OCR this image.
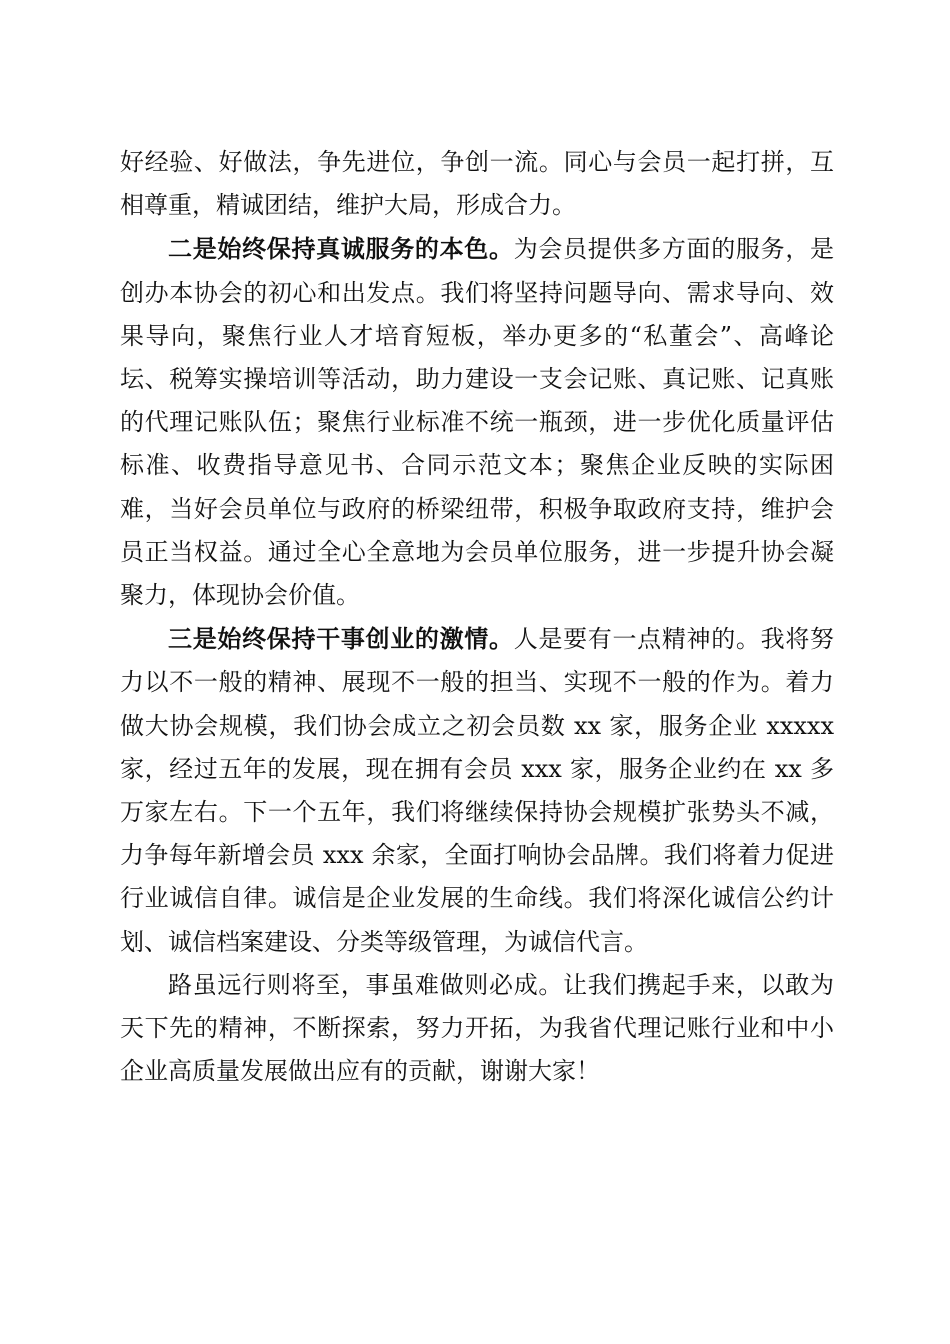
好经验、好做法，争先进位，争创一流。同心与会员一起打拼，互相尊重，精诚团结，维护大局，形成合力。

二是始终保持真诚服务的本色。为会员提供多方面的服务，是创办本协会的初心和出发点。我们将坚持问题导向、需求导向、效果导向，聚焦行业人才培育短板，举办更多的“私董会”、高峰论坛、税筹实操培训等活动，助力建设一支会记账、真记账、记真账的代理记账队伍；聚焦行业标准不统一瓶颈，进一步优化质量评估标准、收费指导意见书、合同示范文本；聚焦企业反映的实际困难，当好会员单位与政府的桥梁纽带，积极争取政府支持，维护会员正当权益。通过全心全意地为会员单位服务，进一步提升协会凝聚力，体现协会价值。

三是始终保持干事创业的激情。人是要有一点精神的。我将努力以不一般的精神、展现不一般的担当、实现不一般的作为。着力做大协会规模，我们协会成立之初会员数 xx 家，服务企业 xxxxx 家，经过五年的发展，现在拥有会员 xxx 家，服务企业约在 xx 多万家左右。下一个五年，我们将继续保持协会规模扩张势头不减，力争每年新增会员 xxx 余家，全面打响协会品牌。我们将着力促进行业诚信自律。诚信是企业发展的生命线。我们将深化诚信公约计划、诚信档案建设、分类等级管理，为诚信代言。

路虽远行则将至，事虽难做则必成。让我们携起手来，以敢为天下先的精神，不断探索，努力开拓，为我省代理记账行业和中小企业高质量发展做出应有的贡献，谢谢大家！
